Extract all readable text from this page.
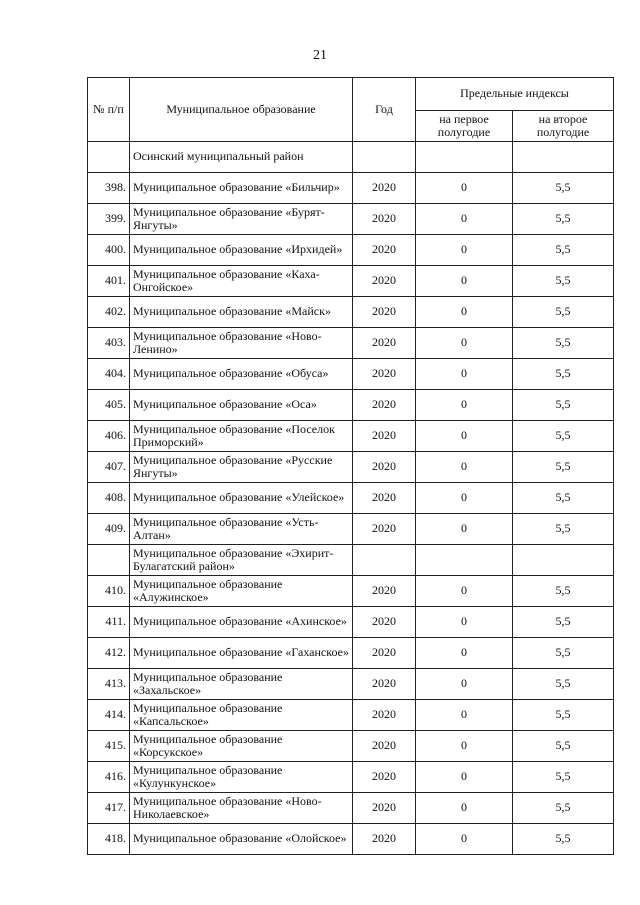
21
№ п/п	Муниципальное образование	Год	Предельные индексы	
			на первое полугодие	на второе полугодие
	Осинский муниципальный район			
398.	Муниципальное образование «Бильчир»	2020	0	5,5
399.	Муниципальное образование «Бурят-Янгуты»	2020	0	5,5
400.	Муниципальное образование «Ирхидей»	2020	0	5,5
401.	Муниципальное образование «Каха-Онгойское»	2020	0	5,5
402.	Муниципальное образование «Майск»	2020	0	5,5
403.	Муниципальное образование «Ново-Ленино»	2020	0	5,5
404.	Муниципальное образование «Обуса»	2020	0	5,5
405.	Муниципальное образование «Оса»	2020	0	5,5
406.	Муниципальное образование «Поселок Приморский»	2020	0	5,5
407.	Муниципальное образование «Русские Янгуты»	2020	0	5,5
408.	Муниципальное образование «Улейское»	2020	0	5,5
409.	Муниципальное образование «Усть-Алтан»	2020	0	5,5
	Муниципальное образование «Эхирит-Булагатский район»			
410.	Муниципальное образование «Алужинское»	2020	0	5,5
411.	Муниципальное образование «Ахинское»	2020	0	5,5
412.	Муниципальное образование «Гаханское»	2020	0	5,5
413.	Муниципальное образование «Захальское»	2020	0	5,5
414.	Муниципальное образование «Капсальское»	2020	0	5,5
415.	Муниципальное образование «Корсукское»	2020	0	5,5
416.	Муниципальное образование «Кулункунское»	2020	0	5,5
417.	Муниципальное образование «Ново-Николаевское»	2020	0	5,5
418.	Муниципальное образование «Олойское»	2020	0	5,5
